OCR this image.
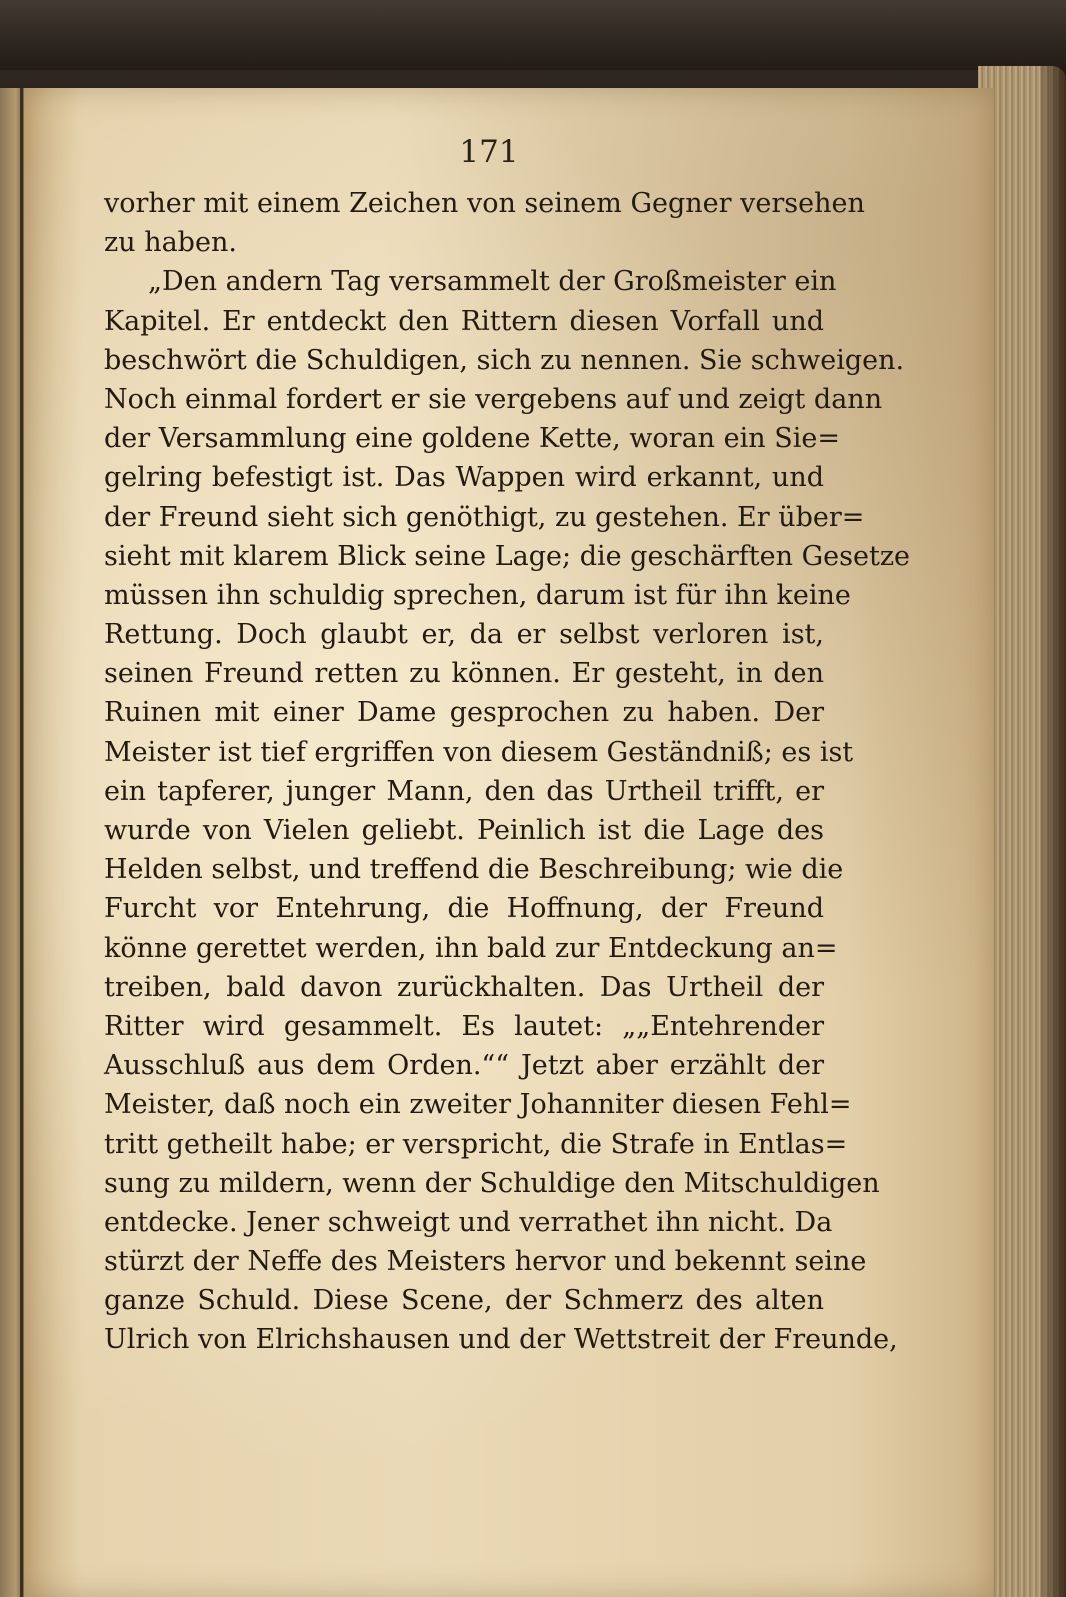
171
vorher mit einem Zeichen von seinem Gegner versehen
zu haben.
„Den andern Tag versammelt der Großmeister ein
Kapitel. Er entdeckt den Rittern diesen Vorfall und
beschwört die Schuldigen, sich zu nennen. Sie schweigen.
Noch einmal fordert er sie vergebens auf und zeigt dann
der Versammlung eine goldene Kette, woran ein Sie=
gelring befestigt ist. Das Wappen wird erkannt, und
der Freund sieht sich genöthigt, zu gestehen. Er über=
sieht mit klarem Blick seine Lage; die geschärften Gesetze
müssen ihn schuldig sprechen, darum ist für ihn keine
Rettung. Doch glaubt er, da er selbst verloren ist,
seinen Freund retten zu können. Er gesteht, in den
Ruinen mit einer Dame gesprochen zu haben. Der
Meister ist tief ergriffen von diesem Geständniß; es ist
ein tapferer, junger Mann, den das Urtheil trifft, er
wurde von Vielen geliebt. Peinlich ist die Lage des
Helden selbst, und treffend die Beschreibung; wie die
Furcht vor Entehrung, die Hoffnung, der Freund
könne gerettet werden, ihn bald zur Entdeckung an=
treiben, bald davon zurückhalten. Das Urtheil der
Ritter wird gesammelt. Es lautet: „„Entehrender
Ausschluß aus dem Orden.““ Jetzt aber erzählt der
Meister, daß noch ein zweiter Johanniter diesen Fehl=
tritt getheilt habe; er verspricht, die Strafe in Entlas=
sung zu mildern, wenn der Schuldige den Mitschuldigen
entdecke. Jener schweigt und verrathet ihn nicht. Da
stürzt der Neffe des Meisters hervor und bekennt seine
ganze Schuld. Diese Scene, der Schmerz des alten
Ulrich von Elrichshausen und der Wettstreit der Freunde,
